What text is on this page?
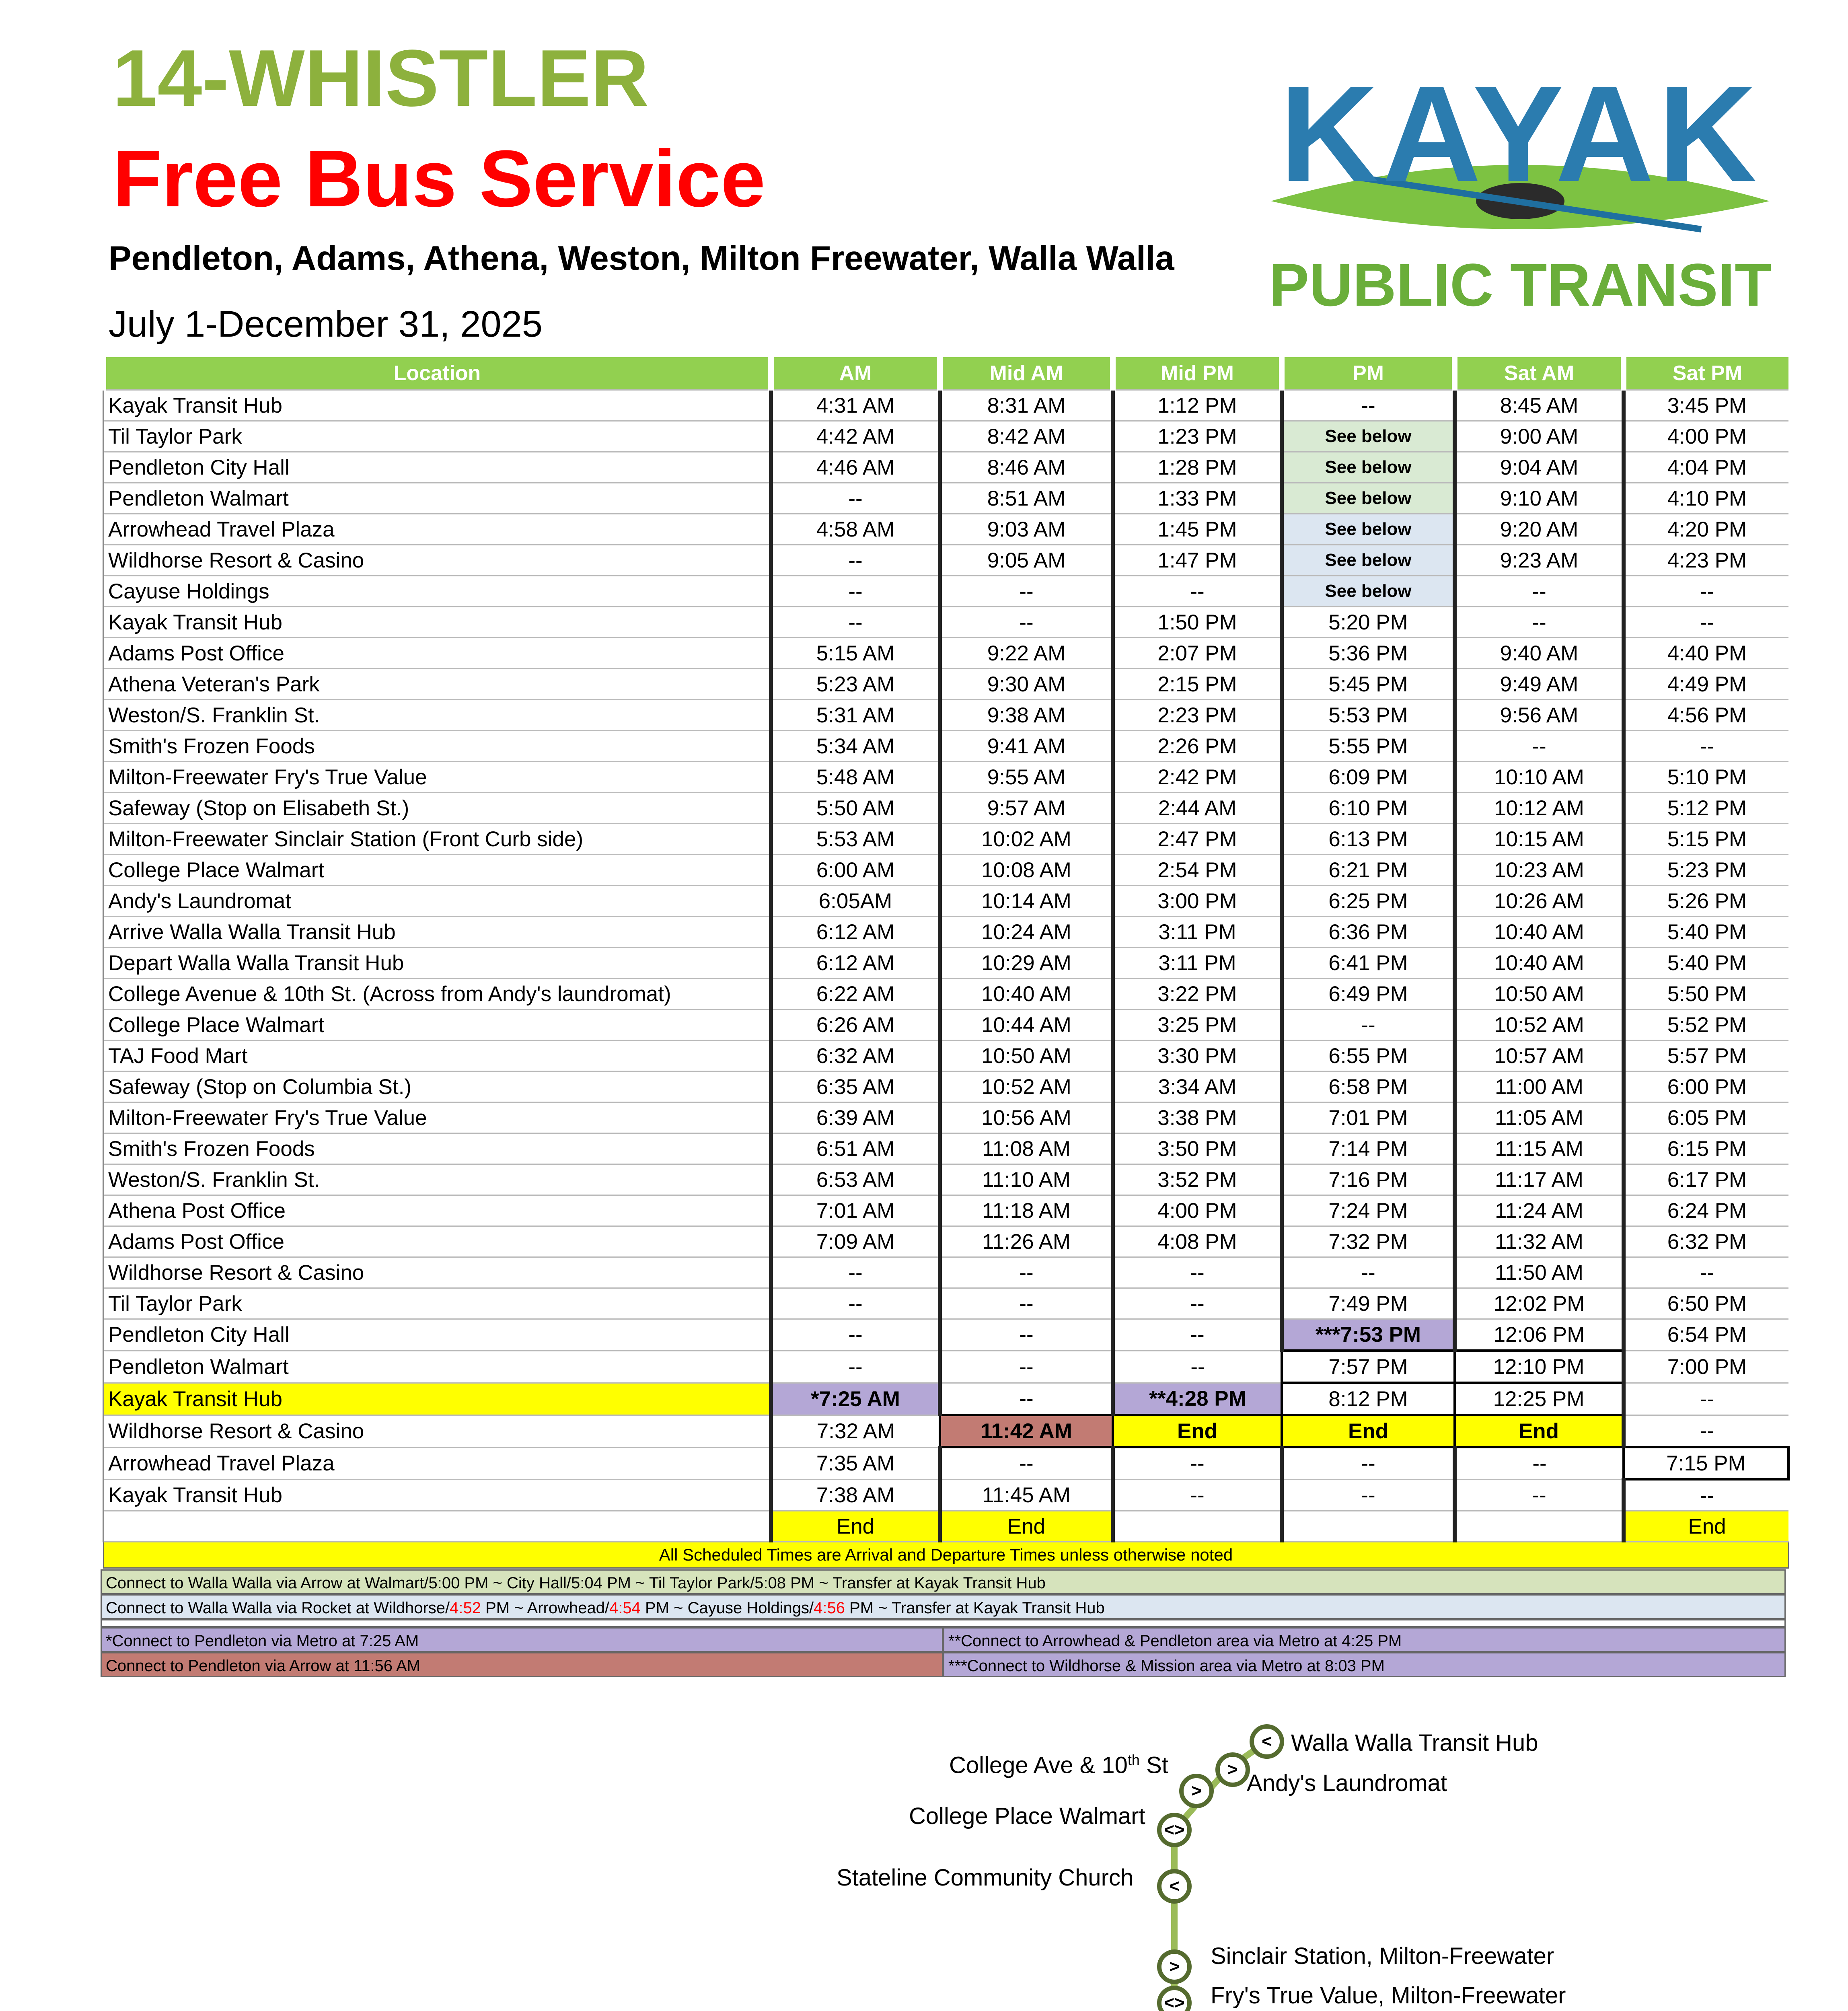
14-WHISTLER
Free Bus Service
Pendleton, Adams, Athena, Weston, Milton Freewater, Walla Walla
July 1-December 31, 2025
KAYAK
PUBLIC TRANSIT
Location	AM	Mid AM	Mid PM	PM	Sat AM	Sat PM
Kayak Transit Hub	4:31 AM	8:31 AM	1:12 PM	--	8:45 AM	3:45 PM
Til Taylor Park	4:42 AM	8:42 AM	1:23 PM	See below	9:00 AM	4:00 PM
Pendleton City Hall	4:46 AM	8:46 AM	1:28 PM	See below	9:04 AM	4:04 PM
Pendleton Walmart	--	8:51 AM	1:33 PM	See below	9:10 AM	4:10 PM
Arrowhead Travel Plaza	4:58 AM	9:03 AM	1:45 PM	See below	9:20 AM	4:20 PM
Wildhorse Resort & Casino	--	9:05 AM	1:47 PM	See below	9:23 AM	4:23 PM
Cayuse Holdings	--	--	--	See below	--	--
Kayak Transit Hub	--	--	1:50 PM	5:20 PM	--	--
Adams Post Office	5:15 AM	9:22 AM	2:07 PM	5:36 PM	9:40 AM	4:40 PM
Athena Veteran's Park	5:23 AM	9:30 AM	2:15 PM	5:45 PM	9:49 AM	4:49 PM
Weston/S. Franklin St.	5:31 AM	9:38 AM	2:23 PM	5:53 PM	9:56 AM	4:56 PM
Smith's Frozen Foods	5:34 AM	9:41 AM	2:26 PM	5:55 PM	--	--
Milton-Freewater Fry's True Value	5:48 AM	9:55 AM	2:42 PM	6:09 PM	10:10 AM	5:10 PM
Safeway (Stop on Elisabeth St.)	5:50 AM	9:57 AM	2:44 AM	6:10 PM	10:12 AM	5:12 PM
Milton-Freewater Sinclair Station (Front Curb side)	5:53 AM	10:02 AM	2:47 PM	6:13 PM	10:15 AM	5:15 PM
College Place Walmart	6:00 AM	10:08 AM	2:54 PM	6:21 PM	10:23 AM	5:23 PM
Andy's Laundromat	6:05AM	10:14 AM	3:00 PM	6:25 PM	10:26 AM	5:26 PM
Arrive Walla Walla Transit Hub	6:12 AM	10:24 AM	3:11 PM	6:36 PM	10:40 AM	5:40 PM
Depart Walla Walla Transit Hub	6:12 AM	10:29 AM	3:11 PM	6:41 PM	10:40 AM	5:40 PM
College Avenue & 10th St. (Across from Andy's laundromat)	6:22 AM	10:40 AM	3:22 PM	6:49 PM	10:50 AM	5:50 PM
College Place Walmart	6:26 AM	10:44 AM	3:25 PM	--	10:52 AM	5:52 PM
TAJ Food Mart	6:32 AM	10:50 AM	3:30 PM	6:55 PM	10:57 AM	5:57 PM
Safeway (Stop on Columbia St.)	6:35 AM	10:52 AM	3:34 AM	6:58 PM	11:00 AM	6:00 PM
Milton-Freewater Fry's True Value	6:39 AM	10:56 AM	3:38 PM	7:01 PM	11:05 AM	6:05 PM
Smith's Frozen Foods	6:51 AM	11:08 AM	3:50 PM	7:14 PM	11:15 AM	6:15 PM
Weston/S. Franklin St.	6:53 AM	11:10 AM	3:52 PM	7:16 PM	11:17 AM	6:17 PM
Athena Post Office	7:01 AM	11:18 AM	4:00 PM	7:24 PM	11:24 AM	6:24 PM
Adams Post Office	7:09 AM	11:26 AM	4:08 PM	7:32 PM	11:32 AM	6:32 PM
Wildhorse Resort & Casino	--	--	--	--	11:50 AM	--
Til Taylor Park	--	--	--	7:49 PM	12:02 PM	6:50 PM
Pendleton City Hall	--	--	--	***7:53 PM	12:06 PM	6:54 PM
Pendleton Walmart	--	--	--	7:57 PM	12:10 PM	7:00 PM
Kayak Transit Hub	*7:25 AM	--	**4:28 PM	8:12 PM	12:25 PM	--
Wildhorse Resort & Casino	7:32 AM	11:42 AM	End	End	End	--
Arrowhead Travel Plaza	7:35 AM	--	--	--	--	7:15 PM
Kayak Transit Hub	7:38 AM	11:45 AM	--	--	--	--
	End	End				End
All Scheduled Times are Arrival and Departure Times unless otherwise noted						
Connect to Walla Walla via Arrow at Walmart/5:00 PM ~ City Hall/5:04 PM ~ Til Taylor Park/5:08 PM ~ Transfer at Kayak Transit Hub
Connect to Walla Walla via Rocket at Wildhorse/4:52 PM ~ Arrowhead/4:54 PM ~ Cayuse Holdings/4:56 PM ~ Transfer at Kayak Transit Hub
*Connect to Pendleton via Metro at 7:25 AM	**Connect to Arrowhead & Pendleton area via Metro at 4:25 PM
Connect to Pendleton via Arrow at 11:56 AM	***Connect to Wildhorse & Mission area via Metro at 8:03 PM
< Walla Walla Transit Hub
>
Andy's Laundromat
>
College Ave & 10th St
<>
College Place Walmart
<
Stateline Community Church
>	Sinclair Station, Milton-Freewater
<> Fry's True Value, Milton-Freewater
